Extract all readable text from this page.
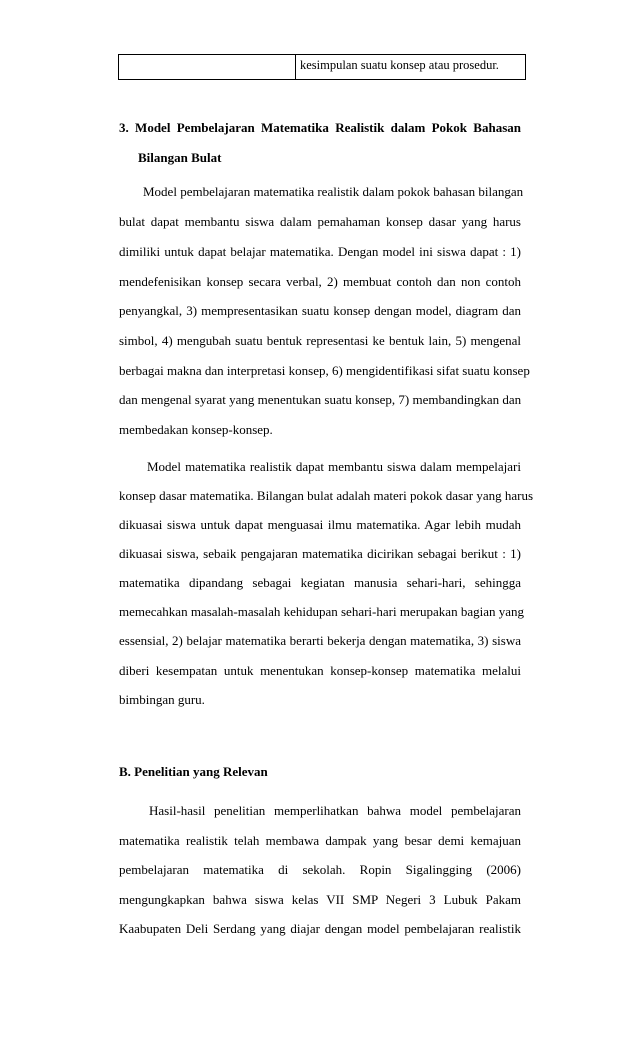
kesimpulan suatu konsep atau prosedur.
3. Model Pembelajaran Matematika Realistik dalam Pokok Bahasan
Bilangan Bulat
Model pembelajaran matematika realistik dalam pokok bahasan bilangan
bulat dapat membantu siswa dalam pemahaman konsep dasar yang harus
dimiliki untuk dapat belajar matematika. Dengan model ini siswa dapat : 1)
mendefenisikan konsep secara verbal, 2) membuat contoh dan non contoh
penyangkal, 3) mempresentasikan suatu konsep dengan model, diagram dan
simbol, 4) mengubah suatu bentuk representasi ke bentuk lain, 5) mengenal
berbagai makna dan interpretasi konsep, 6) mengidentifikasi sifat suatu konsep
dan mengenal syarat yang menentukan suatu konsep, 7) membandingkan dan
membedakan konsep-konsep.
Model matematika realistik dapat membantu siswa dalam mempelajari
konsep dasar matematika. Bilangan bulat adalah materi pokok dasar yang harus
dikuasai siswa untuk dapat menguasai ilmu matematika. Agar lebih mudah
dikuasai siswa, sebaik pengajaran matematika dicirikan sebagai berikut : 1)
matematika dipandang sebagai kegiatan manusia sehari-hari, sehingga
memecahkan masalah-masalah kehidupan sehari-hari merupakan bagian yang
essensial, 2) belajar matematika berarti bekerja dengan matematika, 3) siswa
diberi kesempatan untuk menentukan konsep-konsep matematika melalui
bimbingan guru.
B. Penelitian yang Relevan
Hasil-hasil penelitian memperlihatkan bahwa model pembelajaran
matematika realistik telah membawa dampak yang besar demi kemajuan
pembelajaran matematika di sekolah. Ropin Sigalingging (2006)
mengungkapkan bahwa siswa kelas VII SMP Negeri 3 Lubuk Pakam
Kaabupaten Deli Serdang yang diajar dengan model pembelajaran realistik
